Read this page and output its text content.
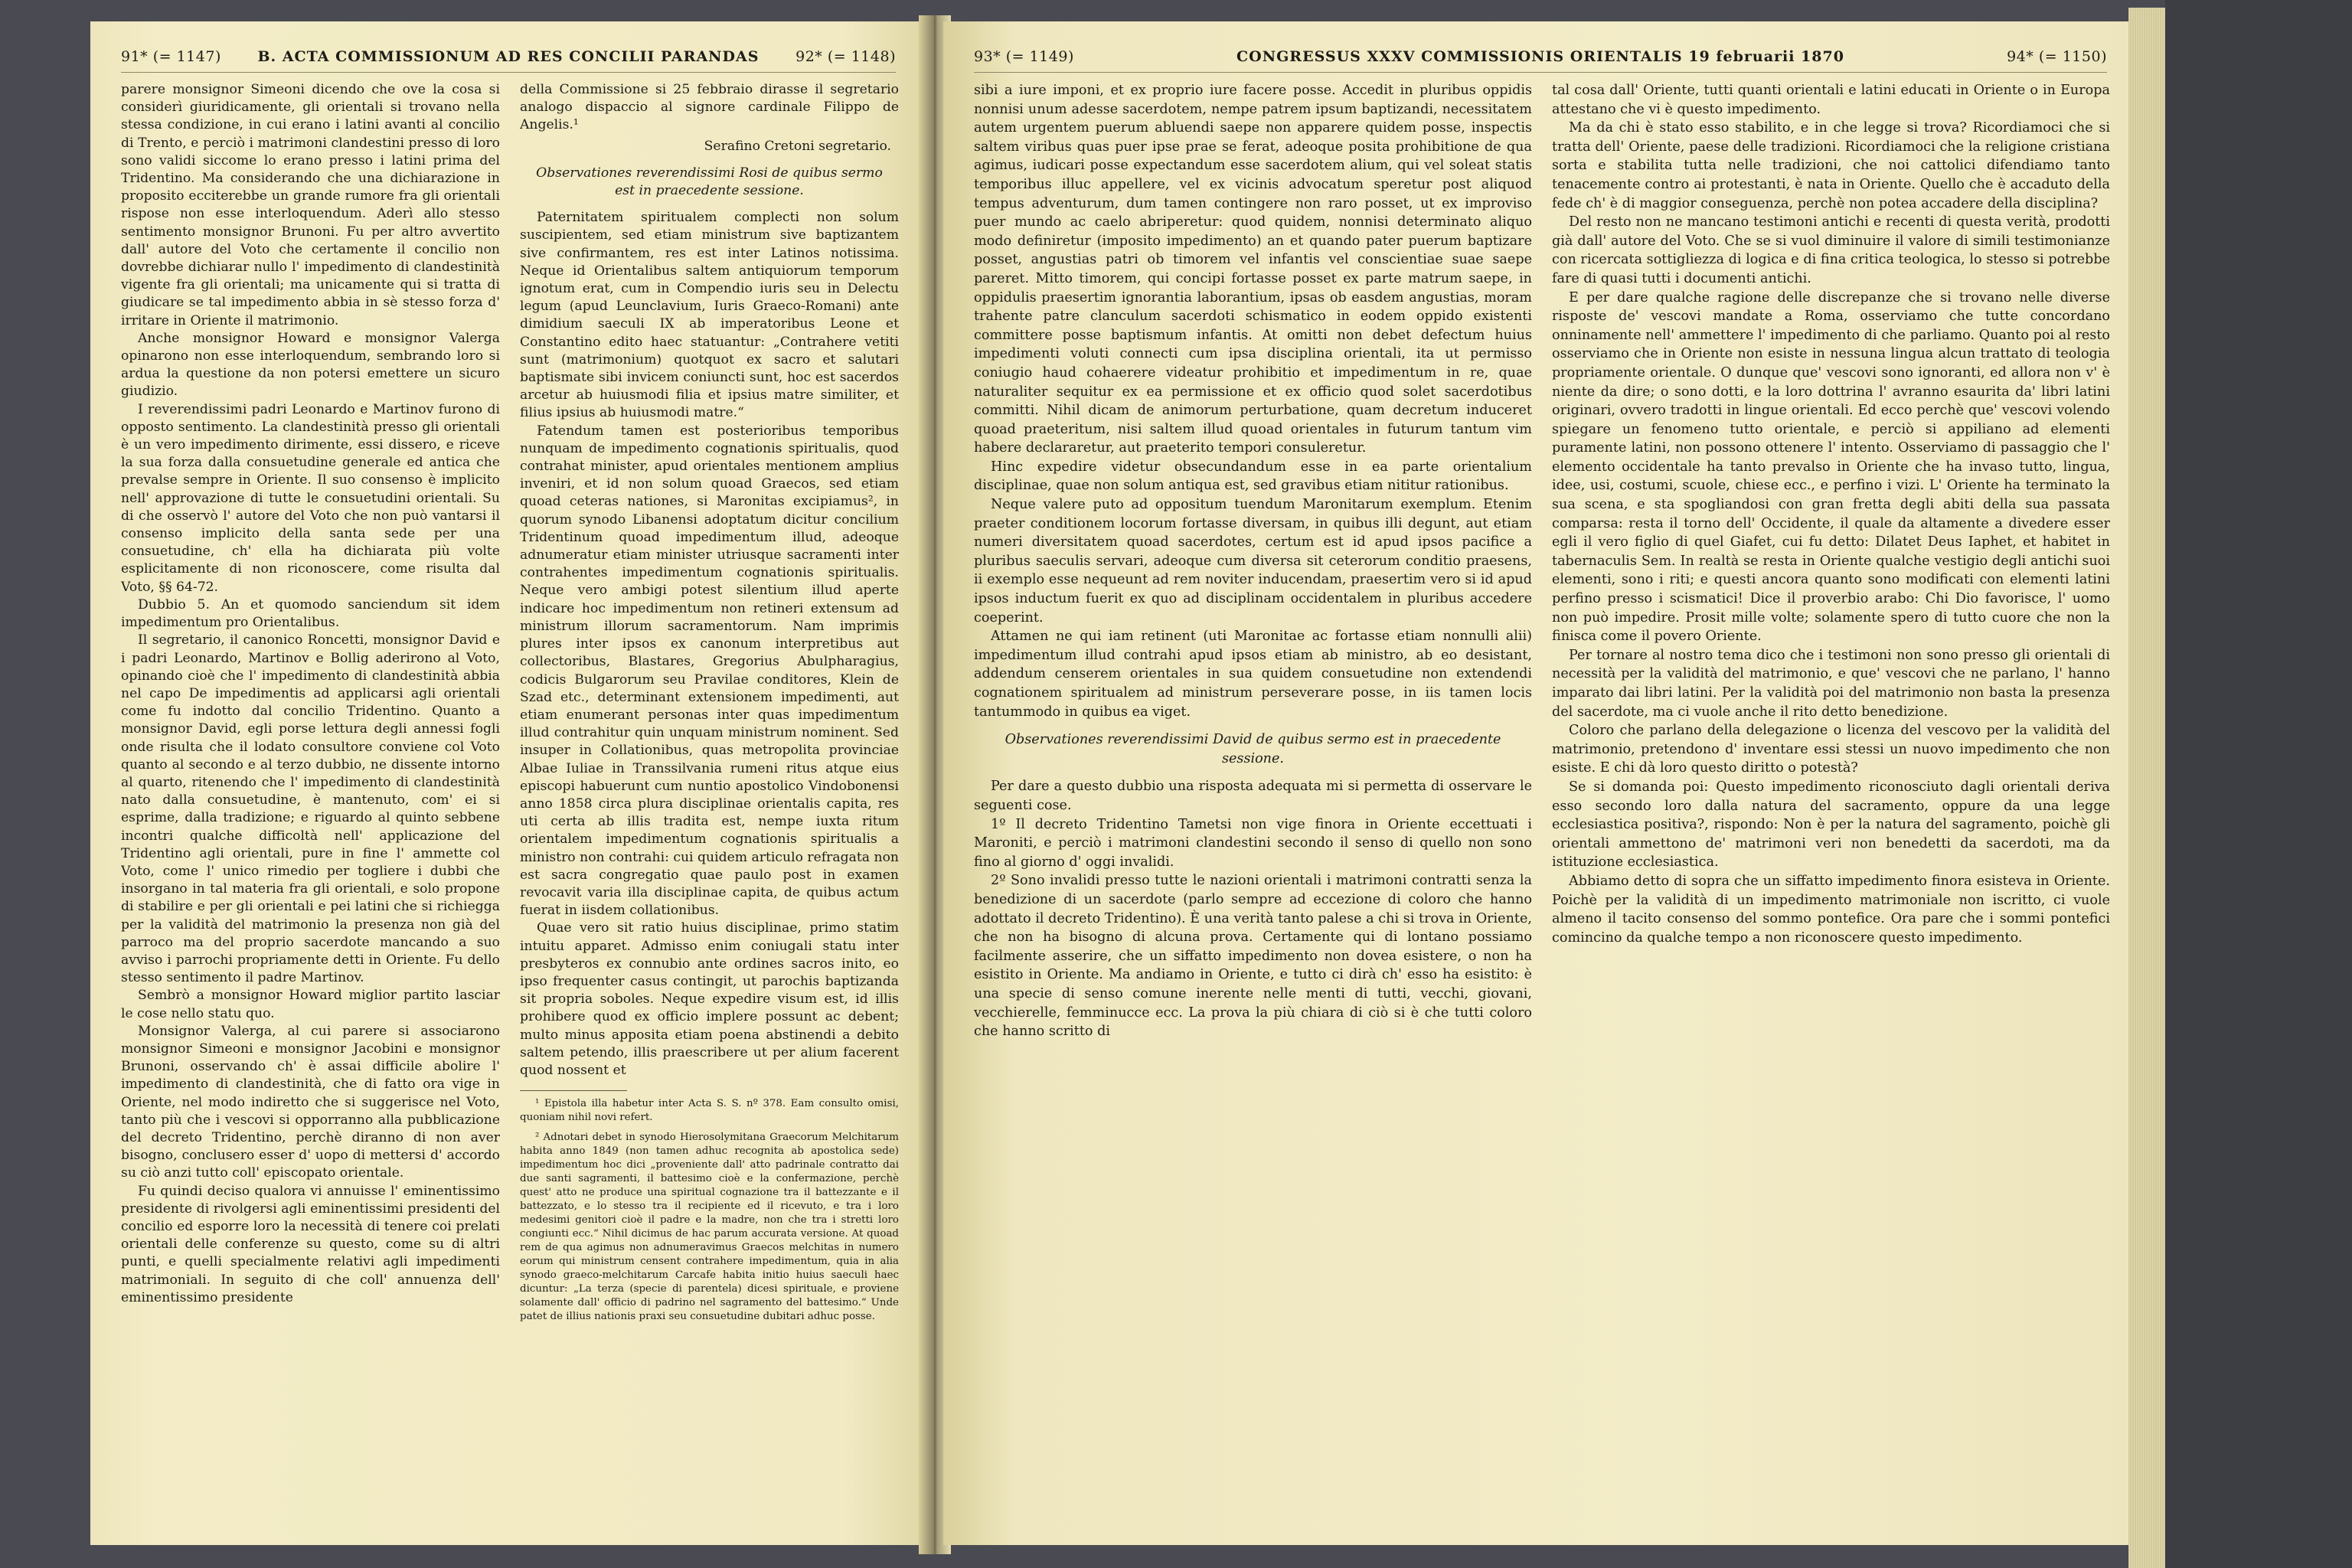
91* (= 1147)	B. ACTA COMMISSIONUM AD RES CONCILII PARANDAS	92* (= 1148)

parere monsignor Simeoni dicendo che ove la cosa si considerì giuridicamente, gli orientali si trovano nella stessa condizione, in cui erano i latini avanti al concilio di Trento, e perciò i matrimoni clandestini presso di loro sono validi siccome lo erano presso i latini prima del Tridentino. Ma considerando che una dichiarazione in proposito ecciterebbe un grande rumore fra gli orientali rispose non esse interloquendum. Aderì allo stesso sentimento monsignor Brunoni. Fu per altro avvertito dall' autore del Voto che certamente il concilio non dovrebbe dichiarar nullo l' impedimento di clandestinità vigente fra gli orientali; ma unicamente qui si tratta di giudicare se tal impedimento abbia in sè stesso forza d' irritare in Oriente il matrimonio.

Anche monsignor Howard e monsignor Valerga opinarono non esse interloquendum, sembrando loro si ardua la questione da non potersi emettere un sicuro giudizio.

I reverendissimi padri Leonardo e Martinov furono di opposto sentimento. La clandestinità presso gli orientali è un vero impedimento dirimente, essi dissero, e riceve la sua forza dalla consuetudine generale ed antica che prevalse sempre in Oriente. Il suo consenso è implicito nell' approvazione di tutte le consuetudini orientali. Su di che osservò l' autore del Voto che non può vantarsi il consenso implicito della santa sede per una consuetudine, ch' ella ha dichiarata più volte esplicitamente di non riconoscere, come risulta dal Voto, §§ 64-72.

Dubbio 5. An et quomodo sanciendum sit idem impedimentum pro Orientalibus.

Il segretario, il canonico Roncetti, monsignor David e i padri Leonardo, Martinov e Bollig aderirono al Voto, opinando cioè che l' impedimento di clandestinità abbia nel capo De impedimentis ad applicarsi agli orientali come fu indotto dal concilio Tridentino. Quanto a monsignor David, egli porse lettura degli annessi fogli onde risulta che il lodato consultore conviene col Voto quanto al secondo e al terzo dubbio, ne dissente intorno al quarto, ritenendo che l' impedimento di clandestinità nato dalla consuetudine, è mantenuto, com' ei si esprime, dalla tradizione; e riguardo al quinto sebbene incontri qualche difficoltà nell' applicazione del Tridentino agli orientali, pure in fine l' ammette col Voto, come l' unico rimedio per togliere i dubbi che insorgano in tal materia fra gli orientali, e solo propone di stabilire e per gli orientali e pei latini che si richiegga per la validità del matrimonio la presenza non già del parroco ma del proprio sacerdote mancando a suo avviso i parrochi propriamente detti in Oriente. Fu dello stesso sentimento il padre Martinov.

Sembrò a monsignor Howard miglior partito lasciar le cose nello statu quo.

Monsignor Valerga, al cui parere si associarono monsignor Simeoni e monsignor Jacobini e monsignor Brunoni, osservando ch' è assai difficile abolire l' impedimento di clandestinità, che di fatto ora vige in Oriente, nel modo indiretto che si suggerisce nel Voto, tanto più che i vescovi si opporranno alla pubblicazione del decreto Tridentino, perchè diranno di non aver bisogno, conclusero esser d' uopo di mettersi d' accordo su ciò anzi tutto coll' episcopato orientale.

Fu quindi deciso qualora vi annuisse l' eminentissimo presidente di rivolgersi agli eminentissimi presidenti del concilio ed esporre loro la necessità di tenere coi prelati orientali delle conferenze su questo, come su di altri punti, e quelli specialmente relativi agli impedimenti matrimoniali. In seguito di che coll' annuenza dell' eminentissimo presidente

della Commissione si 25 febbraio dirasse il segretario analogo dispaccio al signore cardinale Filippo de Angelis.¹

Serafino Cretoni segretario.

Observationes reverendissimi Rosi de quibus sermo est in praecedente sessione.

Paternitatem spiritualem complecti non solum suscipientem, sed etiam ministrum sive baptizantem sive confirmantem, res est inter Latinos notissima. Neque id Orientalibus saltem antiquiorum temporum ignotum erat, cum in Compendio iuris seu in Delectu legum (apud Leunclavium, Iuris Graeco-Romani) ante dimidium saeculi IX ab imperatoribus Leone et Constantino edito haec statuantur: „Contrahere vetiti sunt (matrimonium) quotquot ex sacro et salutari baptismate sibi invicem coniuncti sunt, hoc est sacerdos arcetur ab huiusmodi filia et ipsius matre similiter, et filius ipsius ab huiusmodi matre.“

Fatendum tamen est posterioribus temporibus nunquam de impedimento cognationis spiritualis, quod contrahat minister, apud orientales mentionem amplius inveniri, et id non solum quoad Graecos, sed etiam quoad ceteras nationes, si Maronitas excipiamus², in quorum synodo Libanensi adoptatum dicitur concilium Tridentinum quoad impedimentum illud, adeoque adnumeratur etiam minister utriusque sacramenti inter contrahentes impedimentum cognationis spiritualis. Neque vero ambigi potest silentium illud aperte indicare hoc impedimentum non retineri extensum ad ministrum illorum sacramentorum. Nam imprimis plures inter ipsos ex canonum interpretibus aut collectoribus, Blastares, Gregorius Abulpharagius, codicis Bulgarorum seu Pravilae conditores, Klein de Szad etc., determinant extensionem impedimenti, aut etiam enumerant personas inter quas impedimentum illud contrahitur quin unquam ministrum nominent. Sed insuper in Collationibus, quas metropolita provinciae Albae Iuliae in Transsilvania rumeni ritus atque eius episcopi habuerunt cum nuntio apostolico Vindobonensi anno 1858 circa plura disciplinae orientalis capita, res uti certa ab illis tradita est, nempe iuxta ritum orientalem impedimentum cognationis spiritualis a ministro non contrahi: cui quidem articulo refragata non est sacra congregatio quae paulo post in examen revocavit varia illa disciplinae capita, de quibus actum fuerat in iisdem collationibus.

Quae vero sit ratio huius disciplinae, primo statim intuitu apparet. Admisso enim coniugali statu inter presbyteros ex connubio ante ordines sacros inito, eo ipso frequenter casus contingit, ut parochis baptizanda sit propria soboles. Neque expedire visum est, id illis prohibere quod ex officio implere possunt ac debent; multo minus apposita etiam poena abstinendi a debito saltem petendo, illis praescribere ut per alium facerent quod nossent et

¹ Epistola illa habetur inter Acta S. S. nº 378. Eam consulto omisi, quoniam nihil novi refert.

² Adnotari debet in synodo Hierosolymitana Graecorum Melchitarum habita anno 1849 (non tamen adhuc recognita ab apostolica sede) impedimentum hoc dici „proveniente dall' atto padrinale contratto dai due santi sagramenti, il battesimo cioè e la confermazione, perchè quest' atto ne produce una spiritual cognazione tra il battezzante e il battezzato, e lo stesso tra il recipiente ed il ricevuto, e tra i loro medesimi genitori cioè il padre e la madre, non che tra i stretti loro congiunti ecc.“ Nihil dicimus de hac parum accurata versione. At quoad rem de qua agimus non adnumeravimus Graecos melchitas in numero eorum qui ministrum censent contrahere impedimentum, quia in alia synodo graeco-melchitarum Carcafe habita initio huius saeculi haec dicuntur: „La terza (specie di parentela) dicesi spirituale, e proviene solamente dall' officio di padrino nel sagramento del battesimo.“ Unde patet de illius nationis praxi seu consuetudine dubitari adhuc posse.

93* (= 1149)	CONGRESSUS XXXV COMMISSIONIS ORIENTALIS 19 februarii 1870	94* (= 1150)

sibi a iure imponi, et ex proprio iure facere posse. Accedit in pluribus oppidis nonnisi unum adesse sacerdotem, nempe patrem ipsum baptizandi, necessitatem autem urgentem puerum abluendi saepe non apparere quidem posse, inspectis saltem viribus quas puer ipse prae se ferat, adeoque posita prohibitione de qua agimus, iudicari posse expectandum esse sacerdotem alium, qui vel soleat statis temporibus illuc appellere, vel ex vicinis advocatum speretur post aliquod tempus adventurum, dum tamen contingere non raro posset, ut ex improviso puer mundo ac caelo abriperetur: quod quidem, nonnisi determinato aliquo modo definiretur (imposito impedimento) an et quando pater puerum baptizare posset, angustias patri ob timorem vel infantis vel conscientiae suae saepe pareret. Mitto timorem, qui concipi fortasse posset ex parte matrum saepe, in oppidulis praesertim ignorantia laborantium, ipsas ob easdem angustias, moram trahente patre clanculum sacerdoti schismatico in eodem oppido existenti committere posse baptismum infantis. At omitti non debet defectum huius impedimenti voluti connecti cum ipsa disciplina orientali, ita ut permisso coniugio haud cohaerere videatur prohibitio et impedimentum in re, quae naturaliter sequitur ex ea permissione et ex officio quod solet sacerdotibus committi. Nihil dicam de animorum perturbatione, quam decretum induceret quoad praeteritum, nisi saltem illud quoad orientales in futurum tantum vim habere declararetur, aut praeterito tempori consuleretur.

Hinc expedire videtur obsecundandum esse in ea parte orientalium disciplinae, quae non solum antiqua est, sed gravibus etiam nititur rationibus.

Neque valere puto ad oppositum tuendum Maronitarum exemplum. Etenim praeter conditionem locorum fortasse diversam, in quibus illi degunt, aut etiam numeri diversitatem quoad sacerdotes, certum est id apud ipsos pacifice a pluribus saeculis servari, adeoque cum diversa sit ceterorum conditio praesens, ii exemplo esse nequeunt ad rem noviter inducendam, praesertim vero si id apud ipsos inductum fuerit ex quo ad disciplinam occidentalem in pluribus accedere coeperint.

Attamen ne qui iam retinent (uti Maronitae ac fortasse etiam nonnulli alii) impedimentum illud contrahi apud ipsos etiam ab ministro, ab eo desistant, addendum censerem orientales in sua quidem consuetudine non extendendi cognationem spiritualem ad ministrum perseverare posse, in iis tamen locis tantummodo in quibus ea viget.

Observationes reverendissimi David de quibus sermo est in praecedente sessione.

Per dare a questo dubbio una risposta adequata mi si permetta di osservare le seguenti cose.

1º Il decreto Tridentino Tametsi non vige finora in Oriente eccettuati i Maroniti, e perciò i matrimoni clandestini secondo il senso di quello non sono fino al giorno d' oggi invalidi.

2º Sono invalidi presso tutte le nazioni orientali i matrimoni contratti senza la benedizione di un sacerdote (parlo sempre ad eccezione di coloro che hanno adottato il decreto Tridentino). È una verità tanto palese a chi si trova in Oriente, che non ha bisogno di alcuna prova. Certamente qui di lontano possiamo facilmente asserire, che un siffatto impedimento non dovea esistere, o non ha esistito in Oriente. Ma andiamo in Oriente, e tutto ci dirà ch' esso ha esistito: è una specie di senso comune inerente nelle menti di tutti, vecchi, giovani, vecchierelle, femminucce ecc. La prova la più chiara di ciò si è che tutti coloro che hanno scritto di

tal cosa dall' Oriente, tutti quanti orientali e latini educati in Oriente o in Europa attestano che vi è questo impedimento.

Ma da chi è stato esso stabilito, e in che legge si trova? Ricordiamoci che si tratta dell' Oriente, paese delle tradizioni. Ricordiamoci che la religione cristiana sorta e stabilita tutta nelle tradizioni, che noi cattolici difendiamo tanto tenacemente contro ai protestanti, è nata in Oriente. Quello che è accaduto della fede ch' è di maggior conseguenza, perchè non potea accadere della disciplina?

Del resto non ne mancano testimoni antichi e recenti di questa verità, prodotti già dall' autore del Voto. Che se si vuol diminuire il valore di simili testimonianze con ricercata sottigliezza di logica e di fina critica teologica, lo stesso si potrebbe fare di quasi tutti i documenti antichi.

E per dare qualche ragione delle discrepanze che si trovano nelle diverse risposte de' vescovi mandate a Roma, osserviamo che tutte concordano onninamente nell' ammettere l' impedimento di che parliamo. Quanto poi al resto osserviamo che in Oriente non esiste in nessuna lingua alcun trattato di teologia propriamente orientale. O dunque que' vescovi sono ignoranti, ed allora non v' è niente da dire; o sono dotti, e la loro dottrina l' avranno esaurita da' libri latini originari, ovvero tradotti in lingue orientali. Ed ecco perchè que' vescovi volendo spiegare un fenomeno tutto orientale, e perciò si appiliano ad elementi puramente latini, non possono ottenere l' intento. Osserviamo di passaggio che l' elemento occidentale ha tanto prevalso in Oriente che ha invaso tutto, lingua, idee, usi, costumi, scuole, chiese ecc., e perfino i vizi. L' Oriente ha terminato la sua scena, e sta spogliandosi con gran fretta degli abiti della sua passata comparsa: resta il torno dell' Occidente, il quale da altamente a divedere esser egli il vero figlio di quel Giafet, cui fu detto: Dilatet Deus Iaphet, et habitet in tabernaculis Sem. In realtà se resta in Oriente qualche vestigio degli antichi suoi elementi, sono i riti; e questi ancora quanto sono modificati con elementi latini perfino presso i scismatici! Dice il proverbio arabo: Chi Dio favorisce, l' uomo non può impedire. Prosit mille volte; solamente spero di tutto cuore che non la finisca come il povero Oriente.

Per tornare al nostro tema dico che i testimoni non sono presso gli orientali di necessità per la validità del matrimonio, e que' vescovi che ne parlano, l' hanno imparato dai libri latini. Per la validità poi del matrimonio non basta la presenza del sacerdote, ma ci vuole anche il rito detto benedizione.

Coloro che parlano della delegazione o licenza del vescovo per la validità del matrimonio, pretendono d' inventare essi stessi un nuovo impedimento che non esiste. E chi dà loro questo diritto o potestà?

Se si domanda poi: Questo impedimento riconosciuto dagli orientali deriva esso secondo loro dalla natura del sacramento, oppure da una legge ecclesiastica positiva?, rispondo: Non è per la natura del sagramento, poichè gli orientali ammettono de' matrimoni veri non benedetti da sacerdoti, ma da istituzione ecclesiastica.

Abbiamo detto di sopra che un siffatto impedimento finora esisteva in Oriente. Poichè per la validità di un impedimento matrimoniale non iscritto, ci vuole almeno il tacito consenso del sommo pontefice. Ora pare che i sommi pontefici comincino da qualche tempo a non riconoscere questo impedimento.
